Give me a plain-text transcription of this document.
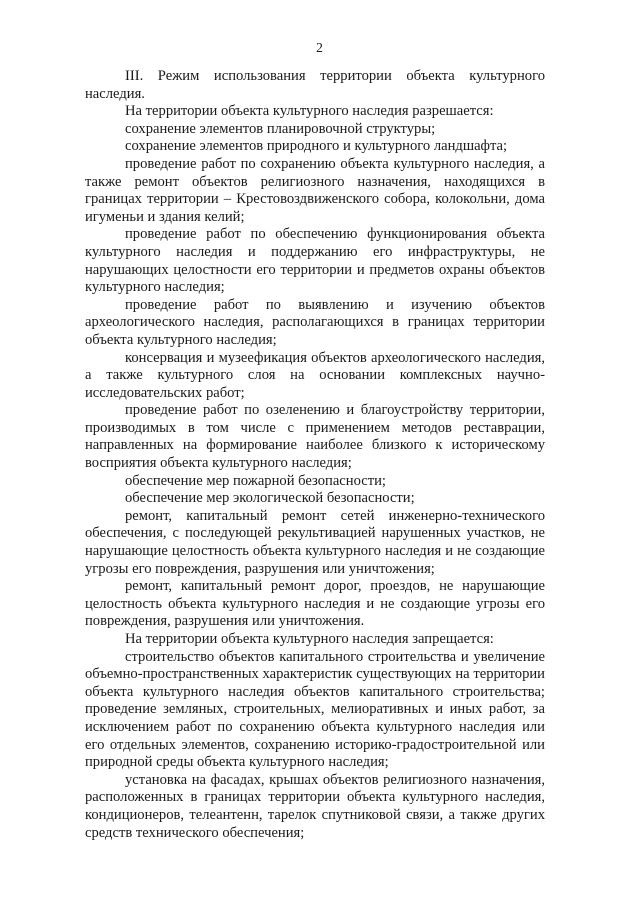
2

III. Режим использования территории объекта культурного наследия.

На территории объекта культурного наследия разрешается:

сохранение элементов планировочной структуры;

сохранение элементов природного и культурного ландшафта;

проведение работ по сохранению объекта культурного наследия, а также ремонт объектов религиозного назначения, находящихся в границах территории – Крестовоздвиженского собора, колокольни, дома игуменьи и здания келий;

проведение работ по обеспечению функционирования объекта культурного наследия и поддержанию его инфраструктуры, не нарушающих целостности его территории и предметов охраны объектов культурного наследия;

проведение работ по выявлению и изучению объектов археологического наследия, располагающихся в границах территории объекта культурного наследия;

консервация и музеефикация объектов археологического наследия, а также культурного слоя на основании комплексных научно-исследовательских работ;

проведение работ по озеленению и благоустройству территории, производимых в том числе с применением методов реставрации, направленных на формирование наиболее близкого к историческому восприятия объекта культурного наследия;

обеспечение мер пожарной безопасности;

обеспечение мер экологической безопасности;

ремонт, капитальный ремонт сетей инженерно-технического обеспечения, с последующей рекультивацией нарушенных участков, не нарушающие целостность объекта культурного наследия и не создающие угрозы его повреждения, разрушения или уничтожения;

ремонт, капитальный ремонт дорог, проездов, не нарушающие целостность объекта культурного наследия и не создающие угрозы его повреждения, разрушения или уничтожения.

На территории объекта культурного наследия запрещается:

строительство объектов капитального строительства и увеличение объемно-пространственных характеристик существующих на территории объекта культурного наследия объектов капитального строительства; проведение земляных, строительных, мелиоративных и иных работ, за исключением работ по сохранению объекта культурного наследия или его отдельных элементов, сохранению историко-градостроительной или природной среды объекта культурного наследия;

установка на фасадах, крышах объектов религиозного назначения, расположенных в границах территории объекта культурного наследия, кондиционеров, телеантенн, тарелок спутниковой связи, а также других средств технического обеспечения;
